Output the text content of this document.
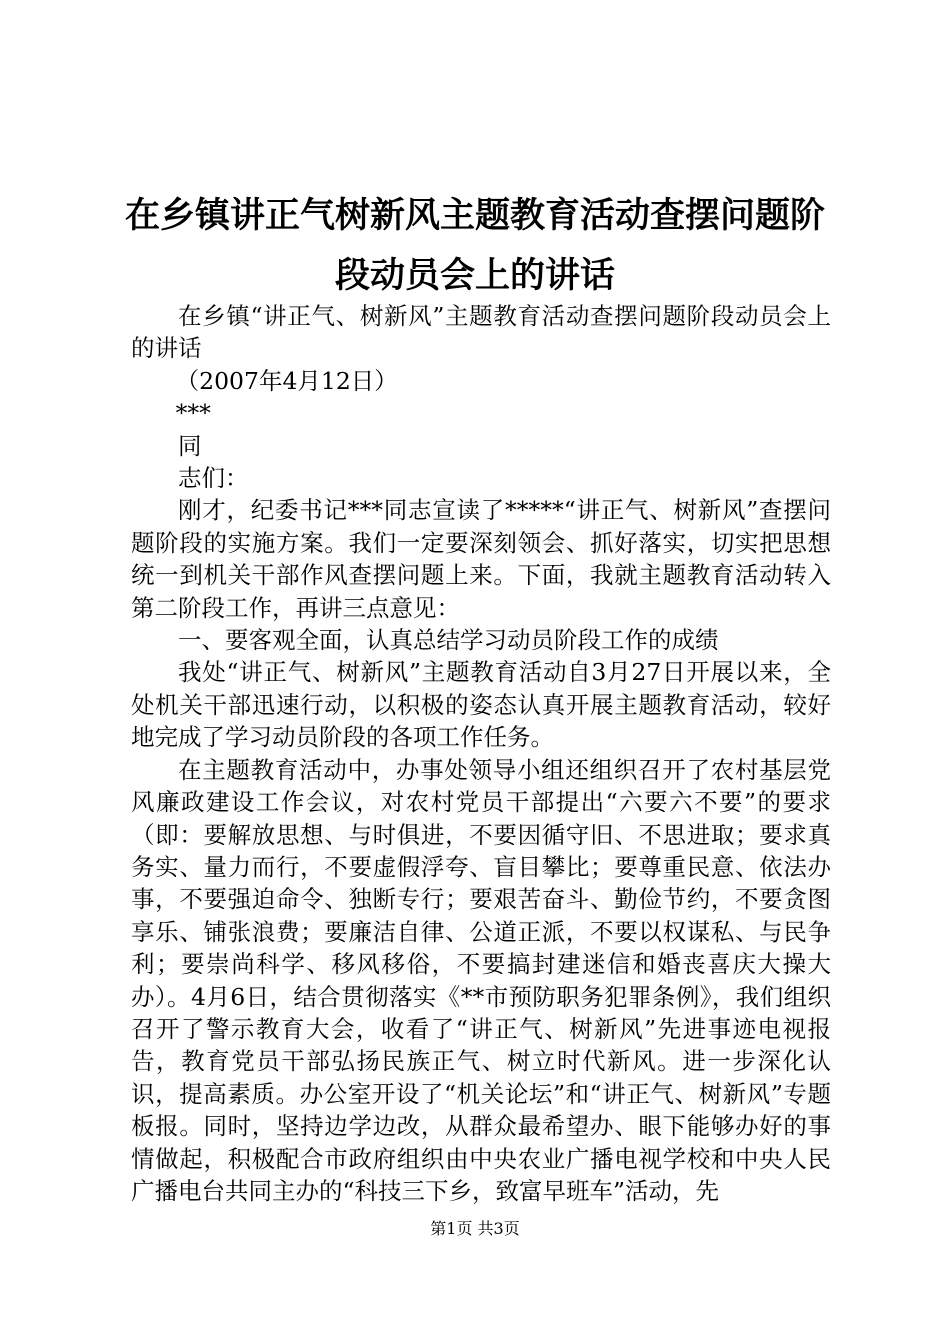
在乡镇讲正气树新风主题教育活动查摆问题阶段动员会上的讲话

在乡镇“讲正气、树新风”主题教育活动查摆问题阶段动员会上的讲话

（2007年4月12日）

***

同

志们：

刚才，纪委书记***同志宣读了*****“讲正气、树新风”查摆问题阶段的实施方案。我们一定要深刻领会、抓好落实，切实把思想统一到机关干部作风查摆问题上来。下面，我就主题教育活动转入第二阶段工作，再讲三点意见：

一、要客观全面，认真总结学习动员阶段工作的成绩

我处“讲正气、树新风”主题教育活动自3月27日开展以来，全处机关干部迅速行动，以积极的姿态认真开展主题教育活动，较好地完成了学习动员阶段的各项工作任务。

在主题教育活动中，办事处领导小组还组织召开了农村基层党风廉政建设工作会议，对农村党员干部提出“六要六不要”的要求（即：要解放思想、与时俱进，不要因循守旧、不思进取；要求真务实、量力而行，不要虚假浮夸、盲目攀比；要尊重民意、依法办事，不要强迫命令、独断专行；要艰苦奋斗、勤俭节约，不要贪图享乐、铺张浪费；要廉洁自律、公道正派，不要以权谋私、与民争利；要崇尚科学、移风移俗，不要搞封建迷信和婚丧喜庆大操大办）。4月6日，结合贯彻落实《**市预防职务犯罪条例》，我们组织召开了警示教育大会，收看了“讲正气、树新风”先进事迹电视报告，教育党员干部弘扬民族正气、树立时代新风。进一步深化认识，提高素质。办公室开设了“机关论坛”和“讲正气、树新风”专题板报。同时，坚持边学边改，从群众最希望办、眼下能够办好的事情做起，积极配合市政府组织由中央农业广播电视学校和中央人民广播电台共同主办的“科技三下乡，致富早班车”活动，先

第1页 共3页
